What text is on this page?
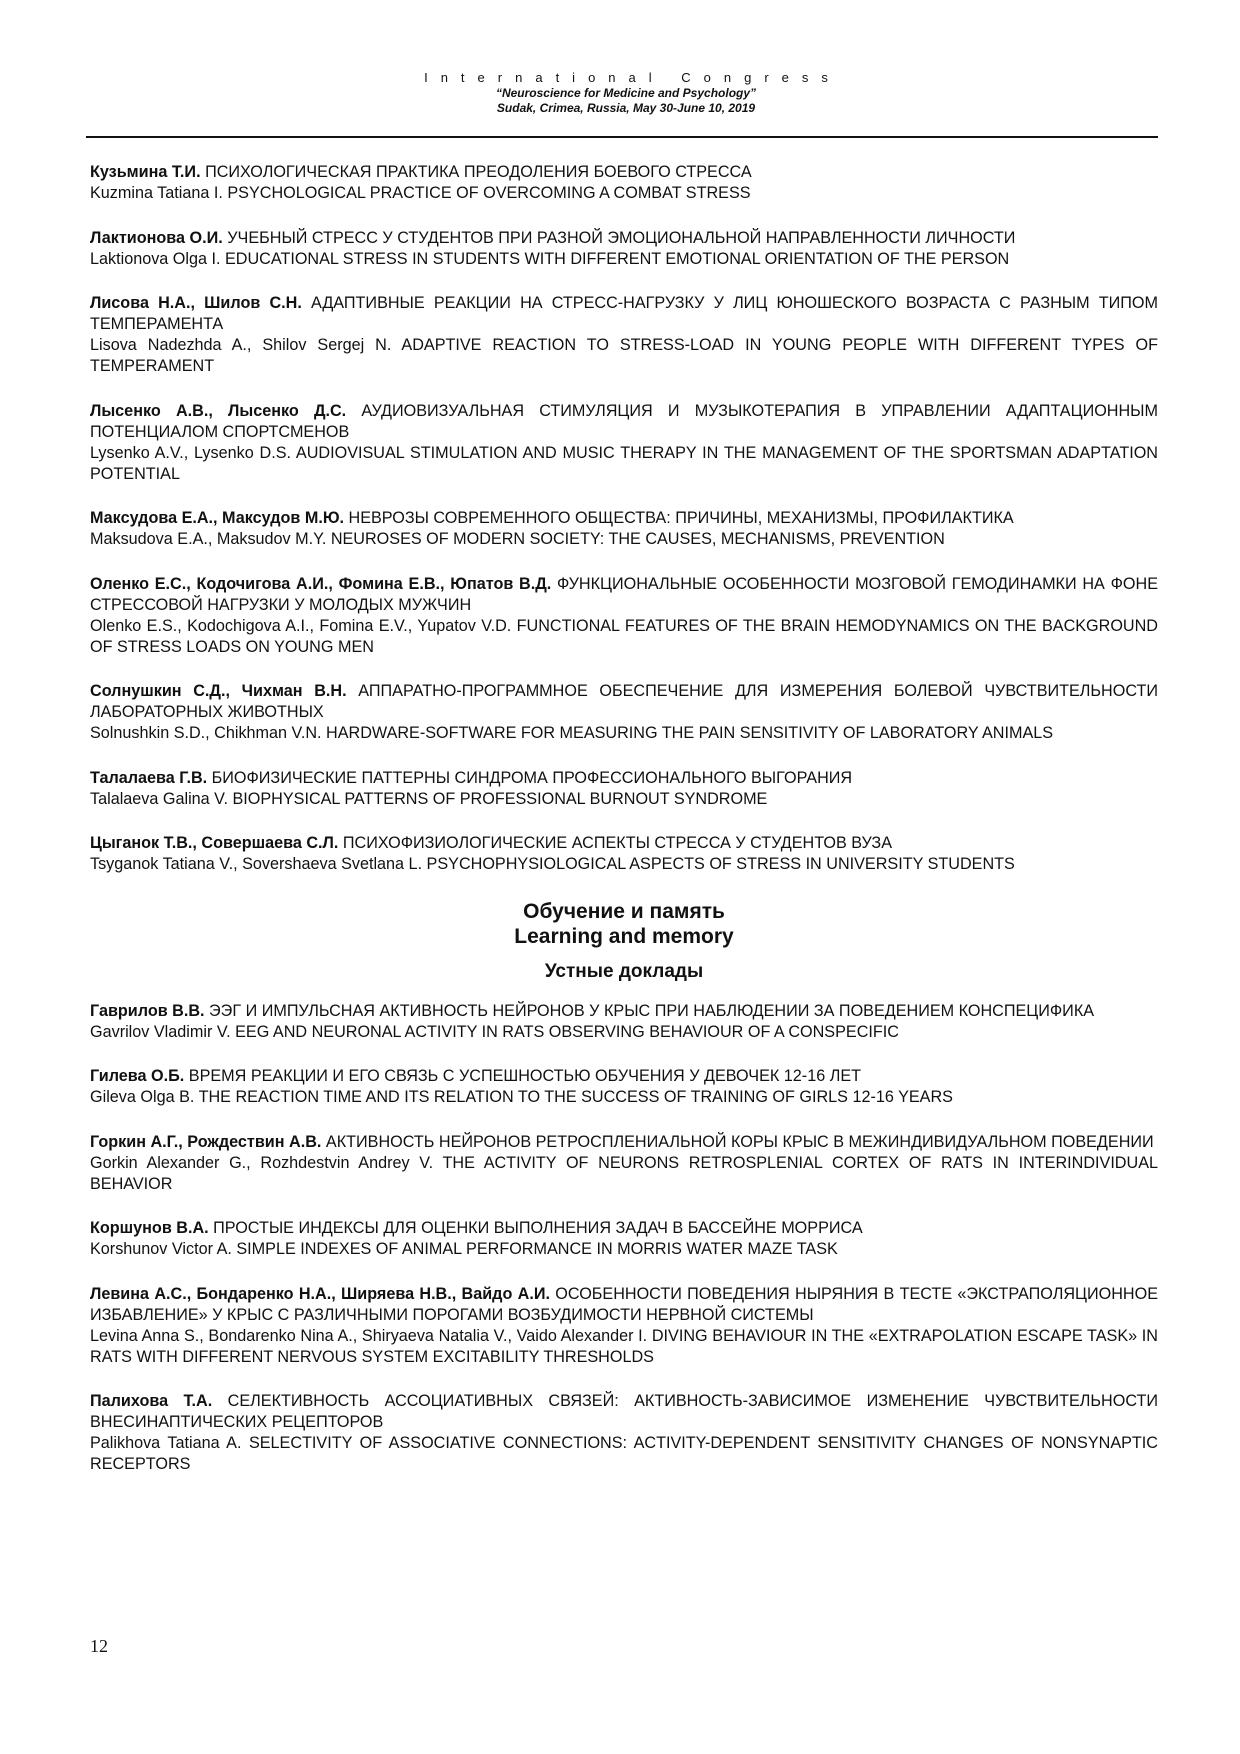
International Congress
“Neuroscience for Medicine and Psychology”
Sudak, Crimea, Russia, May 30-June 10, 2019

Кузьмина Т.И. ПСИХОЛОГИЧЕСКАЯ ПРАКТИКА ПРЕОДОЛЕНИЯ БОЕВОГО СТРЕССА

Kuzmina Tatiana I. PSYCHOLOGICAL PRACTICE OF OVERCOMING A COMBAT STRESS

Лактионова О.И. УЧЕБНЫЙ СТРЕСС У СТУДЕНТОВ ПРИ РАЗНОЙ ЭМОЦИОНАЛЬНОЙ НАПРАВЛЕННОСТИ ЛИЧНОСТИ

Laktionova Olga I. EDUCATIONAL STRESS IN STUDENTS WITH DIFFERENT EMOTIONAL ORIENTATION OF THE PERSON

Лисова Н.А., Шилов С.Н. АДАПТИВНЫЕ РЕАКЦИИ НА СТРЕСС-НАГРУЗКУ У ЛИЦ ЮНОШЕСКОГО ВОЗРАСТА С РАЗНЫМ ТИПОМ ТЕМПЕРАМЕНТА

Lisova Nadezhda A., Shilov Sergej N. ADAPTIVE REACTION TO STRESS-LOAD IN YOUNG PEOPLE WITH DIFFERENT TYPES OF TEMPERAMENT

Лысенко А.В., Лысенко Д.С. АУДИОВИЗУАЛЬНАЯ СТИМУЛЯЦИЯ И МУЗЫКОТЕРАПИЯ В УПРАВЛЕНИИ АДАПТАЦИОННЫМ ПОТЕНЦИАЛОМ СПОРТСМЕНОВ

Lysenko A.V., Lysenko D.S. AUDIOVISUAL STIMULATION AND MUSIC THERAPY IN THE MANAGEMENT OF THE SPORTSMAN ADAPTATION POTENTIAL

Максудова Е.А., Максудов М.Ю. НЕВРОЗЫ СОВРЕМЕННОГО ОБЩЕСТВА: ПРИЧИНЫ, МЕХАНИЗМЫ, ПРОФИЛАКТИКА

Maksudova E.A., Maksudov M.Y. NEUROSES OF MODERN SOCIETY: THE CAUSES, MECHANISMS, PREVENTION

Оленко Е.С., Кодочигова А.И., Фомина Е.В., Юпатов В.Д. ФУНКЦИОНАЛЬНЫЕ ОСОБЕННОСТИ МОЗГОВОЙ ГЕМОДИНАМКИ НА ФОНЕ СТРЕССОВОЙ НАГРУЗКИ У МОЛОДЫХ МУЖЧИН

Olenko E.S., Kodochigova A.I., Fomina E.V., Yupatov V.D. FUNCTIONAL FEATURES OF THE BRAIN HEMODYNAMICS ON THE BACKGROUND OF STRESS LOADS ON YOUNG MEN

Солнушкин С.Д., Чихман В.Н. АППАРАТНО-ПРОГРАММНОЕ ОБЕСПЕЧЕНИЕ ДЛЯ ИЗМЕРЕНИЯ БОЛЕВОЙ ЧУВСТВИТЕЛЬНОСТИ ЛАБОРАТОРНЫХ ЖИВОТНЫХ

Solnushkin S.D., Chikhman V.N. HARDWARE-SOFTWARE FOR MEASURING THE PAIN SENSITIVITY OF LABORATORY ANIMALS

Талалаева Г.В. БИОФИЗИЧЕСКИЕ ПАТТЕРНЫ СИНДРОМА ПРОФЕССИОНАЛЬНОГО ВЫГОРАНИЯ

Talalaeva Galina V. BIOPHYSICAL PATTERNS OF PROFESSIONAL BURNOUT SYNDROME

Цыганок Т.В., Совершаева С.Л. ПСИХОФИЗИОЛОГИЧЕСКИЕ АСПЕКТЫ СТРЕССА У СТУДЕНТОВ ВУЗА

Tsyganok Tatiana V., Sovershaeva Svetlana L. PSYCHOPHYSIOLOGICAL ASPECTS OF STRESS IN UNIVERSITY STUDENTS

Обучение и память
Learning and memory
Устные доклады

Гаврилов В.В. ЭЭГ И ИМПУЛЬСНАЯ АКТИВНОСТЬ НЕЙРОНОВ У КРЫС ПРИ НАБЛЮДЕНИИ ЗА ПОВЕДЕНИЕМ КОНСПЕЦИФИКА

Gavrilov Vladimir V. EEG AND NEURONAL ACTIVITY IN RATS OBSERVING BEHAVIOUR OF A CONSPECIFIC

Гилева О.Б. ВРЕМЯ РЕАКЦИИ И ЕГО СВЯЗЬ С УСПЕШНОСТЬЮ ОБУЧЕНИЯ У ДЕВОЧЕК 12-16 ЛЕТ

Gileva Olga B. THE REACTION TIME AND ITS RELATION TO THE SUCCESS OF TRAINING OF GIRLS 12-16 YEARS

Горкин А.Г., Рождествин А.В. АКТИВНОСТЬ НЕЙРОНОВ РЕТРОСПЛЕНИАЛЬНОЙ КОРЫ КРЫС В МЕЖИНДИВИДУАЛЬНОМ ПОВЕДЕНИИ

Gorkin Alexander G., Rozhdestvin Andrey V. THE ACTIVITY OF NEURONS RETROSPLENIAL CORTEX OF RATS IN INTERINDIVIDUAL BEHAVIOR

Коршунов В.А. ПРОСТЫЕ ИНДЕКСЫ ДЛЯ ОЦЕНКИ ВЫПОЛНЕНИЯ ЗАДАЧ В БАССЕЙНЕ МОРРИСА

Korshunov Victor A. SIMPLE INDEXES OF ANIMAL PERFORMANCE IN MORRIS WATER MAZE TASK

Левина А.С., Бондаренко Н.А., Ширяева Н.В., Вайдо А.И. ОСОБЕННОСТИ ПОВЕДЕНИЯ НЫРЯНИЯ В ТЕСТЕ «ЭКСТРАПОЛЯЦИОННОЕ ИЗБАВЛЕНИЕ» У КРЫС С РАЗЛИЧНЫМИ ПОРОГАМИ ВОЗБУДИМОСТИ НЕРВНОЙ СИСТЕМЫ

Levina Anna S., Bondarenko Nina A., Shiryaeva Natalia V., Vaido Alexander I. DIVING BEHAVIOUR IN THE «EXTRAPOLATION ESCAPE TASK» IN RATS WITH DIFFERENT NERVOUS SYSTEM EXCITABILITY THRESHOLDS

Палихова Т.А. СЕЛЕКТИВНОСТЬ АССОЦИАТИВНЫХ СВЯЗЕЙ: АКТИВНОСТЬ-ЗАВИСИМОЕ ИЗМЕНЕНИЕ ЧУВСТВИТЕЛЬНОСТИ ВНЕСИНАПТИЧЕСКИХ РЕЦЕПТОРОВ

Palikhova Tatiana A. SELECTIVITY OF ASSOCIATIVE CONNECTIONS: ACTIVITY-DEPENDENT SENSITIVITY CHANGES OF NONSYNAPTIC RECEPTORS

12
